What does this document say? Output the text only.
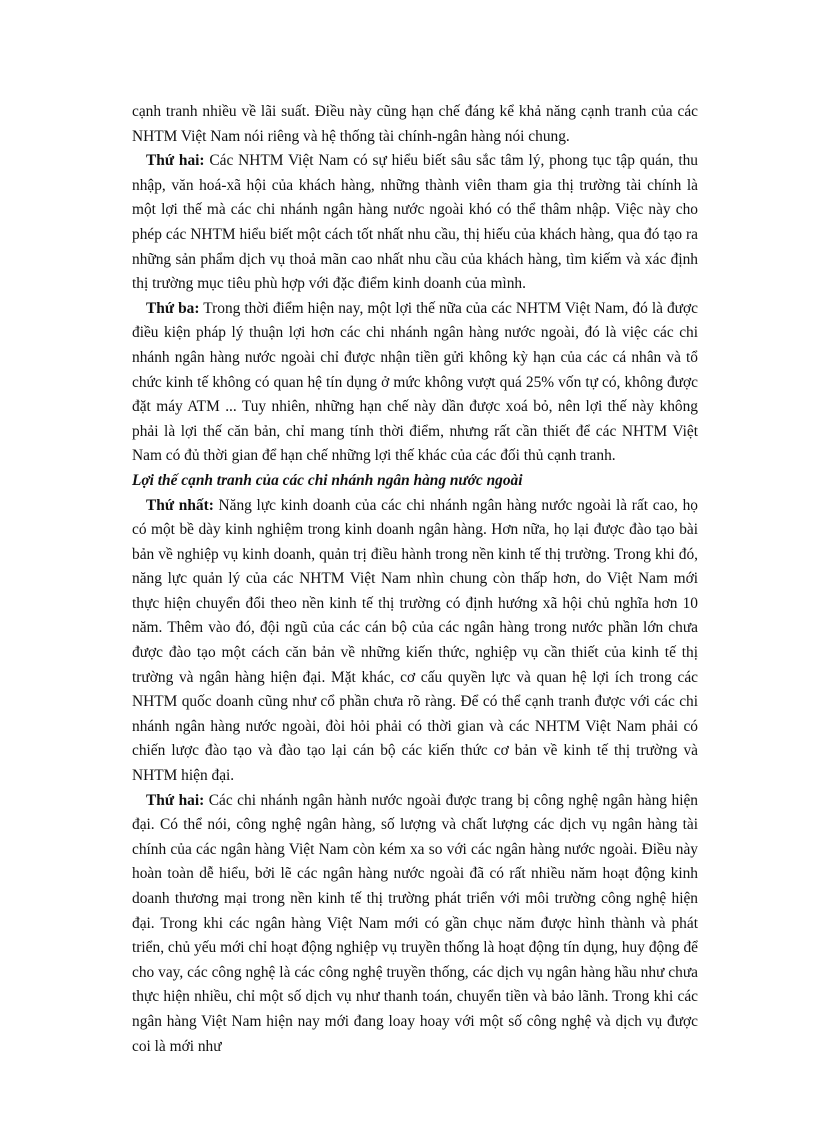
cạnh tranh nhiều về lãi suất. Điều này cũng hạn chế đáng kể khả năng cạnh tranh của các NHTM Việt Nam nói riêng và hệ thống tài chính-ngân hàng nói chung.

Thứ hai: Các NHTM Việt Nam có sự hiểu biết sâu sắc tâm lý, phong tục tập quán, thu nhập, văn hoá-xã hội của khách hàng, những thành viên tham gia thị trường tài chính là một lợi thế mà các chi nhánh ngân hàng nước ngoài khó có thể thâm nhập. Việc này cho phép các NHTM hiểu biết một cách tốt nhất nhu cầu, thị hiếu của khách hàng, qua đó tạo ra những sản phẩm dịch vụ thoả mãn cao nhất nhu cầu của khách hàng, tìm kiếm và xác định thị trường mục tiêu phù hợp với đặc điểm kinh doanh của mình.

Thứ ba: Trong thời điểm hiện nay, một lợi thế nữa của các NHTM Việt Nam, đó là được điều kiện pháp lý thuận lợi hơn các chi nhánh ngân hàng nước ngoài, đó là việc các chi nhánh ngân hàng nước ngoài chỉ được nhận tiền gửi không kỳ hạn của các cá nhân và tổ chức kinh tế không có quan hệ tín dụng ở mức không vượt quá 25% vốn tự có, không được đặt máy ATM ... Tuy nhiên, những hạn chế này dần được xoá bỏ, nên lợi thế này không phải là lợi thế căn bản, chỉ mang tính thời điểm, nhưng rất cần thiết để các NHTM Việt Nam có đủ thời gian để hạn chế những lợi thế khác của các đối thủ cạnh tranh.

Lợi thế cạnh tranh của các chi nhánh ngân hàng nước ngoài

Thứ nhất: Năng lực kinh doanh của các chi nhánh ngân hàng nước ngoài là rất cao, họ có một bề dày kinh nghiệm trong kinh doanh ngân hàng. Hơn nữa, họ lại được đào tạo bài bản về nghiệp vụ kinh doanh, quản trị điều hành trong nền kinh tế thị trường. Trong khi đó, năng lực quản lý của các NHTM Việt Nam nhìn chung còn thấp hơn, do Việt Nam mới thực hiện chuyển đổi theo nền kinh tế thị trường có định hướng xã hội chủ nghĩa hơn 10 năm. Thêm vào đó, đội ngũ của các cán bộ của các ngân hàng trong nước phần lớn chưa được đào tạo một cách căn bản về những kiến thức, nghiệp vụ cần thiết của kinh tế thị trường và ngân hàng hiện đại. Mặt khác, cơ cấu quyền lực và quan hệ lợi ích trong các NHTM quốc doanh cũng như cổ phần chưa rõ ràng. Để có thể cạnh tranh được với các chi nhánh ngân hàng nước ngoài, đòi hỏi phải có thời gian và các NHTM Việt Nam phải có chiến lược đào tạo và đào tạo lại cán bộ các kiến thức cơ bản về kinh tế thị trường và NHTM hiện đại.

Thứ hai: Các chi nhánh ngân hành nước ngoài được trang bị công nghệ ngân hàng hiện đại. Có thể nói, công nghệ ngân hàng, số lượng và chất lượng các dịch vụ ngân hàng tài chính của các ngân hàng Việt Nam còn kém xa so với các ngân hàng nước ngoài. Điều này hoàn toàn dễ hiểu, bởi lẽ các ngân hàng nước ngoài đã có rất nhiều năm hoạt động kinh doanh thương mại trong nền kinh tế thị trường phát triển với môi trường công nghệ hiện đại. Trong khi các ngân hàng Việt Nam mới có gần chục năm được hình thành và phát triển, chủ yếu mới chỉ hoạt động nghiệp vụ truyền thống là hoạt động tín dụng, huy động để cho vay, các công nghệ là các công nghệ truyền thống, các dịch vụ ngân hàng hầu như chưa thực hiện nhiều, chỉ một số dịch vụ như thanh toán, chuyển tiền và bảo lãnh. Trong khi các ngân hàng Việt Nam hiện nay mới đang loay hoay với một số công nghệ và dịch vụ được coi là mới như
